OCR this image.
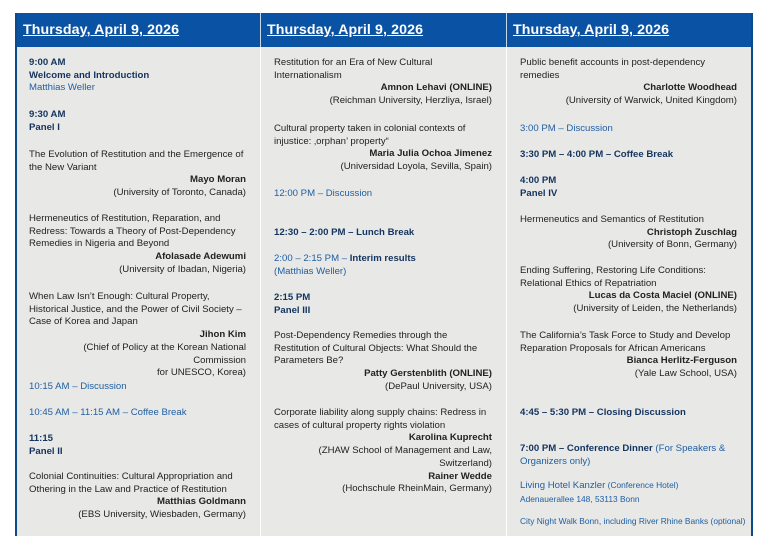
Thursday, April 9, 2026	Thursday, April 9, 2026	Thursday, April 9, 2026
9:00 AM
Welcome and Introduction
Matthias Weller
9:30 AM
Panel I
The Evolution of Restitution and the Emergence of
the New Variant
Mayo Moran
(University of Toronto, Canada)
Hermeneutics of Restitution, Reparation, and
Redress: Towards a Theory of Post-Dependency
Remedies in Nigeria and Beyond
Afolasade Adewumi
(University of Ibadan, Nigeria)
When Law Isn’t Enough: Cultural Property,
Historical Justice, and the Power of Civil Society –
Case of Korea and Japan
Jihon Kim
(Chief of Policy at the Korean National Commission
for UNESCO, Korea)
10:15 AM – Discussion
10:45 AM – 11:15 AM – Coffee Break
11:15
Panel II
Colonial Continuities: Cultural Appropriation and
Othering in the Law and Practice of Restitution
Matthias Goldmann
(EBS University, Wiesbaden, Germany)
Restitution for an Era of New Cultural
Internationalism
Amnon Lehavi (ONLINE)
(Reichman University, Herzliya, Israel)
Cultural property taken in colonial contexts of
injustice: ‚orphan’ property“
Maria Julia Ochoa Jimenez
(Universidad Loyola, Sevilla, Spain)
12:00 PM – Discussion
12:30 – 2:00 PM – Lunch Break
2:00 – 2:15 PM – Interim results
(Matthias Weller)
2:15 PM
Panel III
Post-Dependency Remedies through the
Restitution of Cultural Objects: What Should the
Parameters Be?
Patty Gerstenblith (ONLINE)
(DePaul University, USA)
Corporate liability along supply chains: Redress in
cases of cultural property rights violation
Karolina Kuprecht
(ZHAW School of Management and Law,
Switzerland)
Rainer Wedde
(Hochschule RheinMain, Germany)
Public benefit accounts in post-dependency
remedies
Charlotte Woodhead
(University of Warwick, United Kingdom)
3:00 PM – Discussion
3:30 PM – 4:00 PM – Coffee Break
4:00 PM
Panel IV
Hermeneutics and Semantics of Restitution
Christoph Zuschlag
(University of Bonn, Germany)
Ending Suffering, Restoring Life Conditions:
Relational Ethics of Repatriation
Lucas da Costa Maciel (ONLINE)
(University of Leiden, the Netherlands)
The California’s Task Force to Study and Develop
Reparation Proposals for African Americans
Bianca Herlitz-Ferguson
(Yale Law School, USA)
4:45 – 5:30 PM – Closing Discussion
7:00 PM – Conference Dinner (For Speakers &
Organizers only)
Living Hotel Kanzler (Conference Hotel)
Adenauerallee 148, 53113 Bonn
City Night Walk Bonn, including River Rhine Banks (optional)
